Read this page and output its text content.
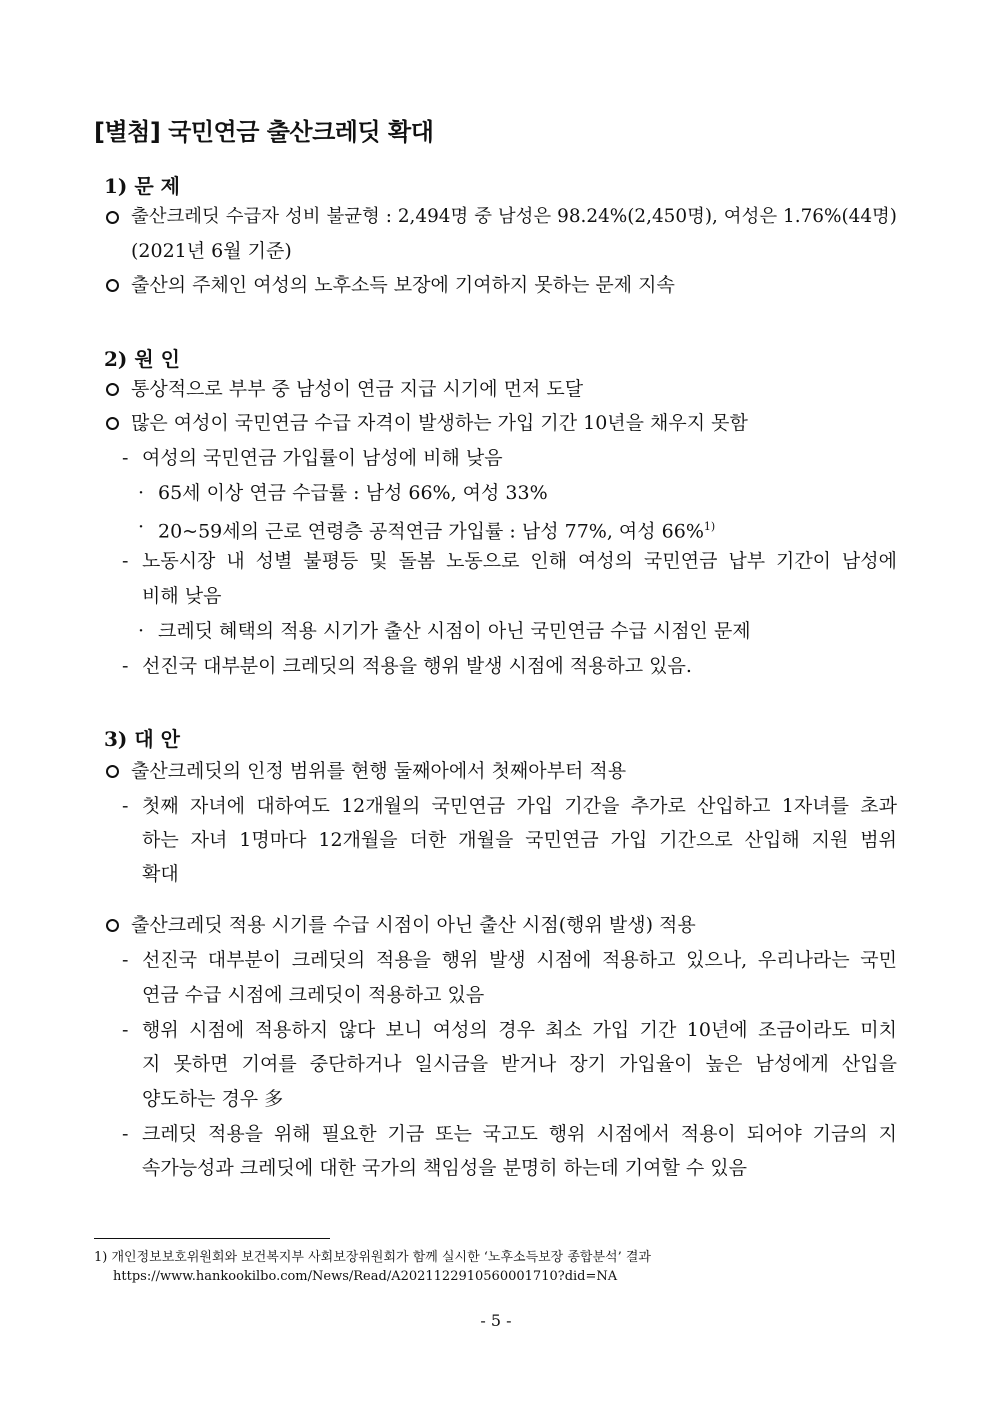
[별첨] 국민연금 출산크레딧 확대
1) 문 제
출산크레딧 수급자 성비 불균형 : 2,494명 중 남성은 98.24%(2,450명), 여성은 1.76%(44명)
(2021년 6월 기준)
출산의 주체인 여성의 노후소득 보장에 기여하지 못하는 문제 지속
2) 원 인
통상적으로 부부 중 남성이 연금 지급 시기에 먼저 도달
많은 여성이 국민연금 수급 자격이 발생하는 가입 기간 10년을 채우지 못함
- 여성의 국민연금 가입률이 남성에 비해 낮음
· 65세 이상 연금 수급률 : 남성 66%, 여성 33%
· 20~59세의 근로 연령층 공적연금 가입률 : 남성 77%, 여성 66%$^{1)}$
- 노동시장 내 성별 불평등 및 돌봄 노동으로 인해 여성의 국민연금 납부 기간이 남성에
비해 낮음
· 크레딧 혜택의 적용 시기가 출산 시점이 아닌 국민연금 수급 시점인 문제
- 선진국 대부분이 크레딧의 적용을 행위 발생 시점에 적용하고 있음.
3) 대 안
출산크레딧의 인정 범위를 현행 둘째아에서 첫째아부터 적용
- 첫째 자녀에 대하여도 12개월의 국민연금 가입 기간을 추가로 산입하고 1자녀를 초과
하는 자녀 1명마다 12개월을 더한 개월을 국민연금 가입 기간으로 산입해 지원 범위
확대
출산크레딧 적용 시기를 수급 시점이 아닌 출산 시점(행위 발생) 적용
- 선진국 대부분이 크레딧의 적용을 행위 발생 시점에 적용하고 있으나, 우리나라는 국민
연금 수급 시점에 크레딧이 적용하고 있음
- 행위 시점에 적용하지 않다 보니 여성의 경우 최소 가입 기간 10년에 조금이라도 미치
지 못하면 기여를 중단하거나 일시금을 받거나 장기 가입율이 높은 남성에게 산입을
양도하는 경우 多
- 크레딧 적용을 위해 필요한 기금 또는 국고도 행위 시점에서 적용이 되어야 기금의 지
속가능성과 크레딧에 대한 국가의 책임성을 분명히 하는데 기여할 수 있음
1) 개인정보보호위원회와 보건복지부 사회보장위원회가 함께 실시한 ‘노후소득보장 종합분석’ 결과
https://www.hankookilbo.com/News/Read/A2021122910560001710?did=NA
- 5 -
